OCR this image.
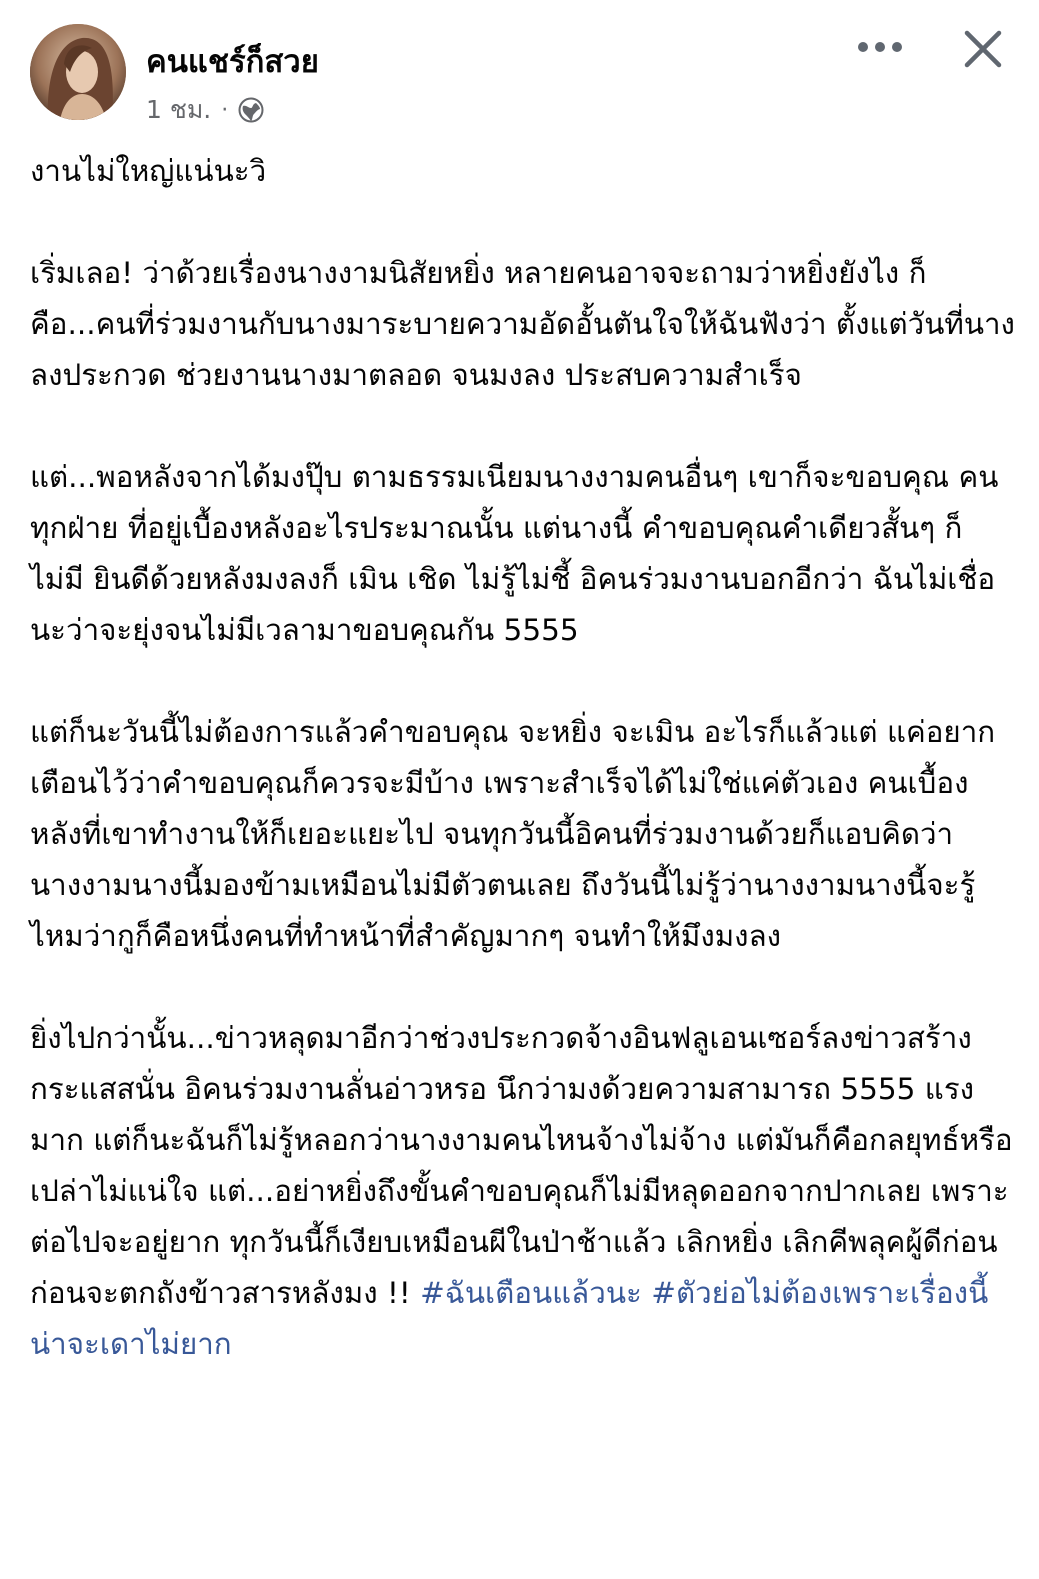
คนแชร์ก็สวย
1 ชม. ·

งานไม่ใหญ่แน่นะวิ

เริ่มเลอ! ว่าด้วยเรื่องนางงามนิสัยหยิ่ง หลายคนอาจจะถามว่าหยิ่งยังไง ก็คือ...คนที่ร่วมงานกับนางมาระบายความอัดอั้นตันใจให้ฉันฟังว่า ตั้งแต่วันที่นางลงประกวด ช่วยงานนางมาตลอด จนมงลง ประสบความสำเร็จ

แต่...พอหลังจากได้มงปุ๊บ ตามธรรมเนียมนางงามคนอื่นๆ เขาก็จะขอบคุณ คนทุกฝ่าย ที่อยู่เบื้องหลังอะไรประมาณนั้น แต่นางนี้ คำขอบคุณคำเดียวสั้นๆ ก็ไม่มี ยินดีด้วยหลังมงลงก็ เมิน เชิด ไม่รู้ไม่ชี้ อิคนร่วมงานบอกอีกว่า ฉันไม่เชื่อนะว่าจะยุ่งจนไม่มีเวลามาขอบคุณกัน 5555

แต่ก็นะวันนี้ไม่ต้องการแล้วคำขอบคุณ จะหยิ่ง จะเมิน อะไรก็แล้วแต่ แค่อยากเตือนไว้ว่าคำขอบคุณก็ควรจะมีบ้าง เพราะสำเร็จได้ไม่ใช่แค่ตัวเอง คนเบื้องหลังที่เขาทำงานให้ก็เยอะแยะไป จนทุกวันนี้อิคนที่ร่วมงานด้วยก็แอบคิดว่า นางงามนางนี้มองข้ามเหมือนไม่มีตัวตนเลย ถึงวันนี้ไม่รู้ว่านางงามนางนี้จะรู้ไหมว่ากูก็คือหนึ่งคนที่ทำหน้าที่สำคัญมากๆ จนทำให้มึงมงลง

ยิ่งไปกว่านั้น...ข่าวหลุดมาอีกว่าช่วงประกวดจ้างอินฟลูเอนเซอร์ลงข่าวสร้างกระแสสนั่น อิคนร่วมงานลั่นอ่าวหรอ นึกว่ามงด้วยความสามารถ 5555 แรงมาก แต่ก็นะฉันก็ไม่รู้หลอกว่านางงามคนไหนจ้างไม่จ้าง แต่มันก็คือกลยุทธ์หรือเปล่าไม่แน่ใจ แต่...อย่าหยิ่งถึงขั้นคำขอบคุณก็ไม่มีหลุดออกจากปากเลย เพราะต่อไปจะอยู่ยาก ทุกวันนี้ก็เงียบเหมือนผีในป่าช้าแล้ว เลิกหยิ่ง เลิกคีพลุคผู้ดีก่อน ก่อนจะตกถังข้าวสารหลังมง !! #ฉันเตือนแล้วนะ #ตัวย่อไม่ต้องเพราะเรื่องนี้น่าจะเดาไม่ยาก
